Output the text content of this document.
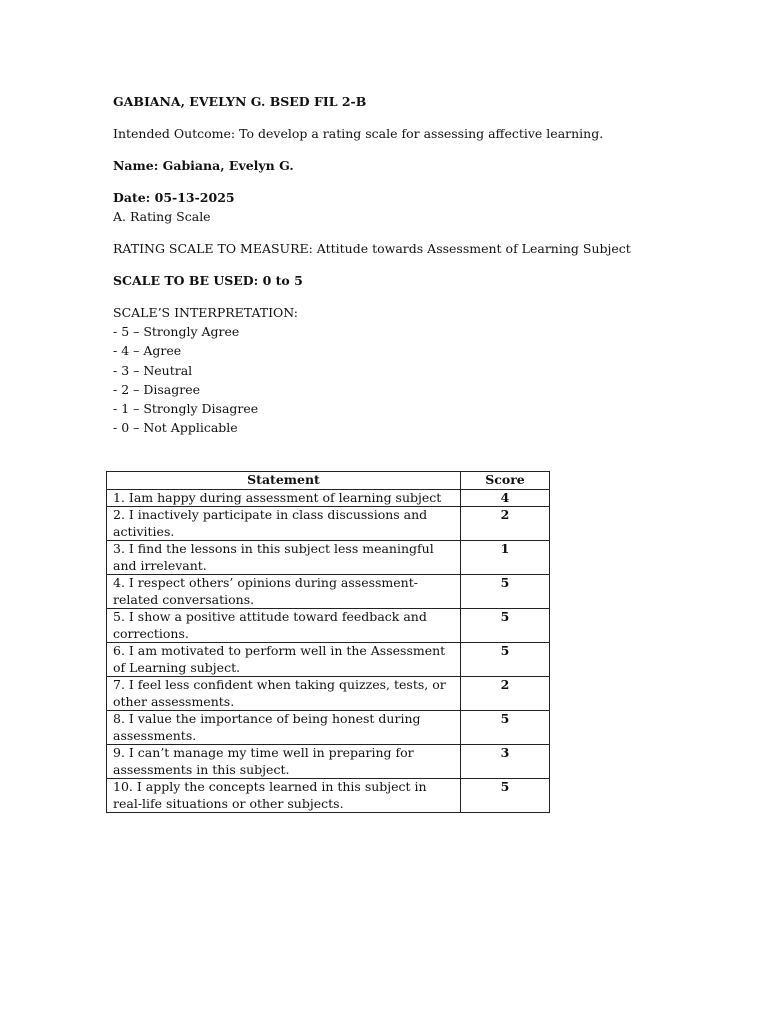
GABIANA, EVELYN G. BSED FIL 2-B

Intended Outcome: To develop a rating scale for assessing affective learning.

Name: Gabiana, Evelyn G.

Date: 05-13-2025

A. Rating Scale

RATING SCALE TO MEASURE: Attitude towards Assessment of Learning Subject

SCALE TO BE USED: 0 to 5

SCALE’S INTERPRETATION:

- 5 – Strongly Agree

- 4 – Agree

- 3 – Neutral

- 2 – Disagree

- 1 – Strongly Disagree

- 0 – Not Applicable

Statement	Score
1. Iam happy during assessment of learning subject	4
2. I inactively participate in class discussions and activities.	2
3. I find the lessons in this subject less meaningful and irrelevant.	1
4. I respect others’ opinions during assessment-related conversations.	5
5. I show a positive attitude toward feedback and corrections.	5
6. I am motivated to perform well in the Assessment of Learning subject.	5
7. I feel less confident when taking quizzes, tests, or other assessments.	2
8. I value the importance of being honest during assessments.	5
9. I can’t manage my time well in preparing for assessments in this subject.	3
10. I apply the concepts learned in this subject in real-life situations or other subjects.	5
